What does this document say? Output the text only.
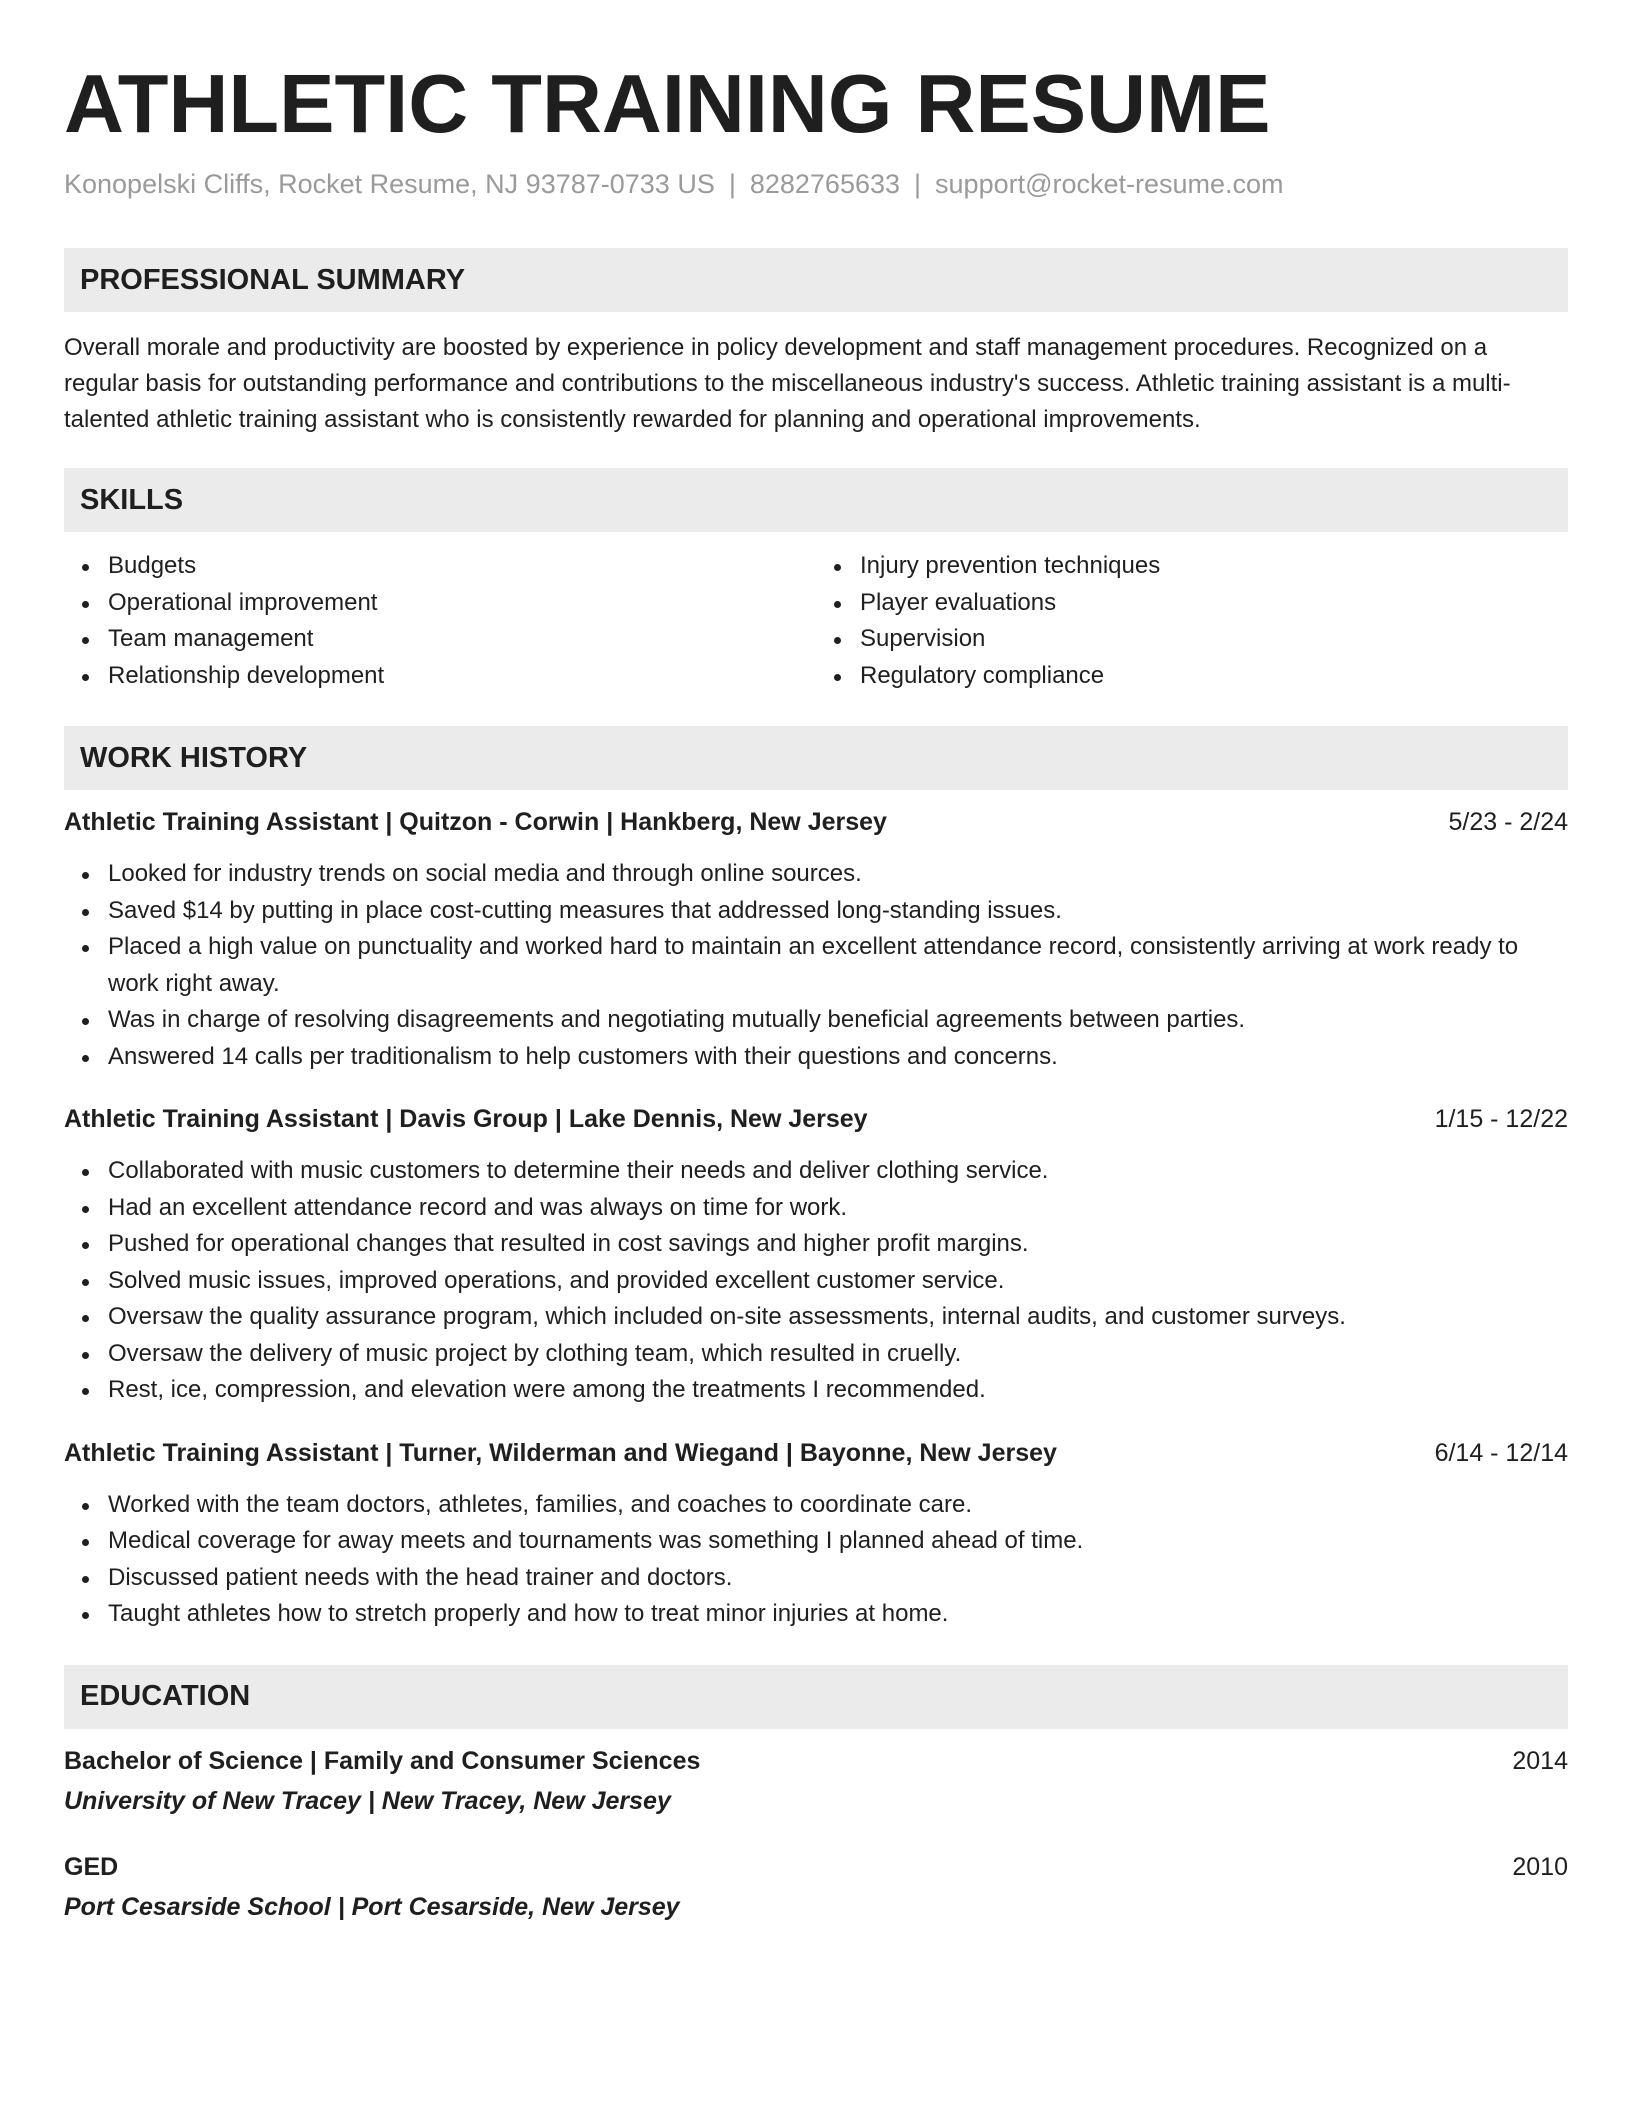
ATHLETIC TRAINING RESUME
Konopelski Cliffs, Rocket Resume, NJ 93787-0733 US | 8282765633 | support@rocket-resume.com
PROFESSIONAL SUMMARY
Overall morale and productivity are boosted by experience in policy development and staff management procedures. Recognized on a regular basis for outstanding performance and contributions to the miscellaneous industry's success. Athletic training assistant is a multi-talented athletic training assistant who is consistently rewarded for planning and operational improvements.
SKILLS
Budgets
Operational improvement
Team management
Relationship development
Injury prevention techniques
Player evaluations
Supervision
Regulatory compliance
WORK HISTORY
Athletic Training Assistant | Quitzon - Corwin | Hankberg, New Jersey	5/23 - 2/24
Looked for industry trends on social media and through online sources.
Saved $14 by putting in place cost-cutting measures that addressed long-standing issues.
Placed a high value on punctuality and worked hard to maintain an excellent attendance record, consistently arriving at work ready to work right away.
Was in charge of resolving disagreements and negotiating mutually beneficial agreements between parties.
Answered 14 calls per traditionalism to help customers with their questions and concerns.
Athletic Training Assistant | Davis Group | Lake Dennis, New Jersey	1/15 - 12/22
Collaborated with music customers to determine their needs and deliver clothing service.
Had an excellent attendance record and was always on time for work.
Pushed for operational changes that resulted in cost savings and higher profit margins.
Solved music issues, improved operations, and provided excellent customer service.
Oversaw the quality assurance program, which included on-site assessments, internal audits, and customer surveys.
Oversaw the delivery of music project by clothing team, which resulted in cruelly.
Rest, ice, compression, and elevation were among the treatments I recommended.
Athletic Training Assistant | Turner, Wilderman and Wiegand | Bayonne, New Jersey	6/14 - 12/14
Worked with the team doctors, athletes, families, and coaches to coordinate care.
Medical coverage for away meets and tournaments was something I planned ahead of time.
Discussed patient needs with the head trainer and doctors.
Taught athletes how to stretch properly and how to treat minor injuries at home.
EDUCATION
Bachelor of Science | Family and Consumer Sciences	2014
University of New Tracey | New Tracey, New Jersey
GED	2010
Port Cesarside School | Port Cesarside, New Jersey
